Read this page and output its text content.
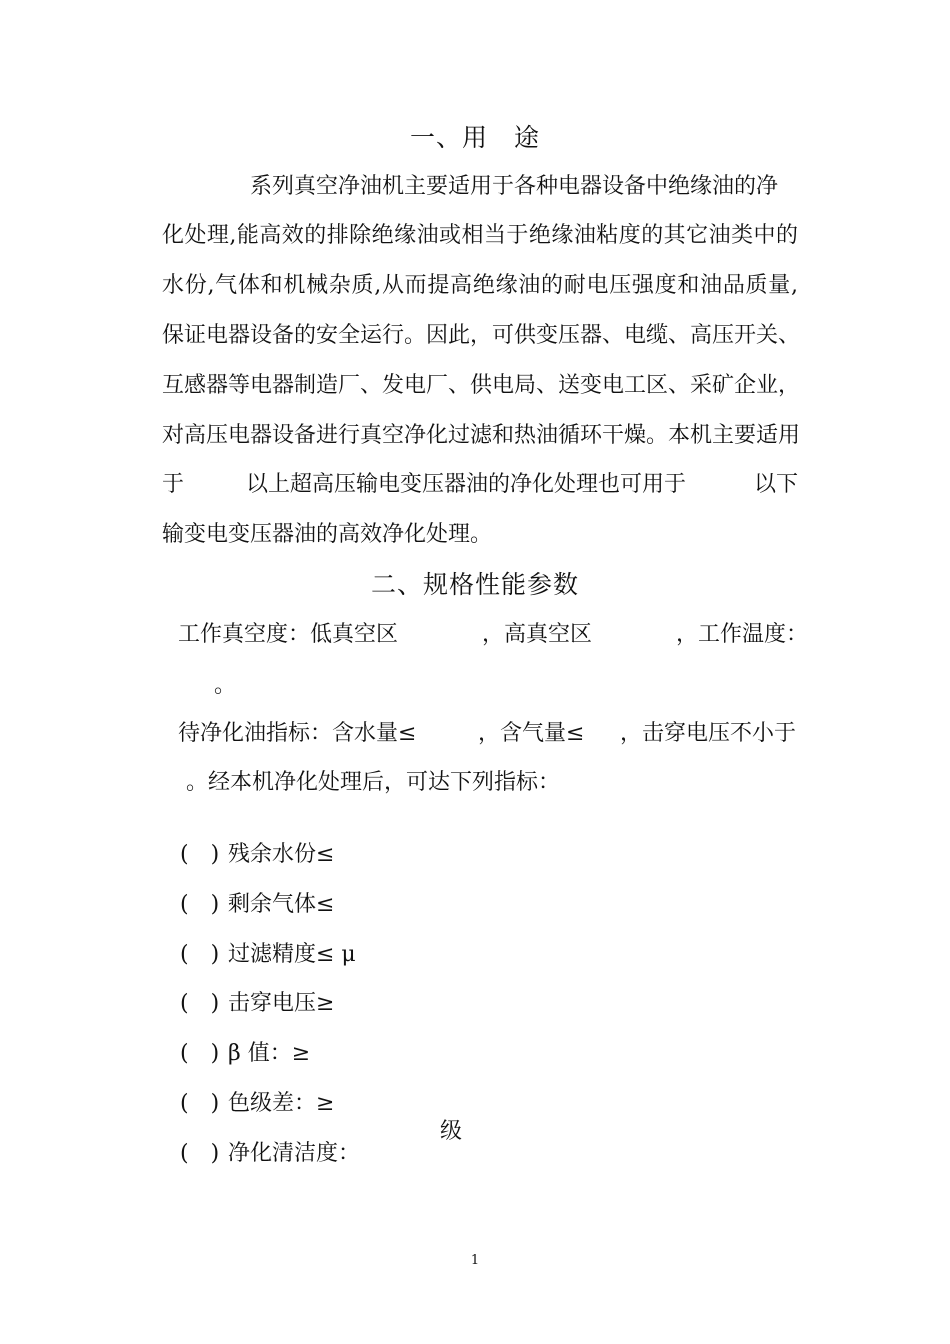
一、用　途
系列真空净油机主要适用于各种电器设备中绝缘油的净
化处理,能高效的排除绝缘油或相当于绝缘油粘度的其它油类中的
水份,气体和机械杂质,从而提高绝缘油的耐电压强度和油品质量,
保证电器设备的安全运行。因此，可供变压器、电缆、高压开关、
互感器等电器制造厂、发电厂、供电局、送变电工区、采矿企业，
对高压电器设备进行真空净化过滤和热油循环干燥。本机主要适用
于	以上超高压输电变压器油的净化处理也可用于	以下
输变电变压器油的高效净化处理。
二、规格性能参数
工作真空度：低真空区	，高真空区	，工作温度：
。
待净化油指标：含水量≤	，含气量≤ ，击穿电压不小于
。经本机净化处理后，可达下列指标：

(　) 残余水份≤

(　) 剩余气体≤

(　) 过滤精度≤ μ

(　) 击穿电压≥

(　) β 值：≥

(　) 色级差：≥

(　) 净化清洁度：

级
1
